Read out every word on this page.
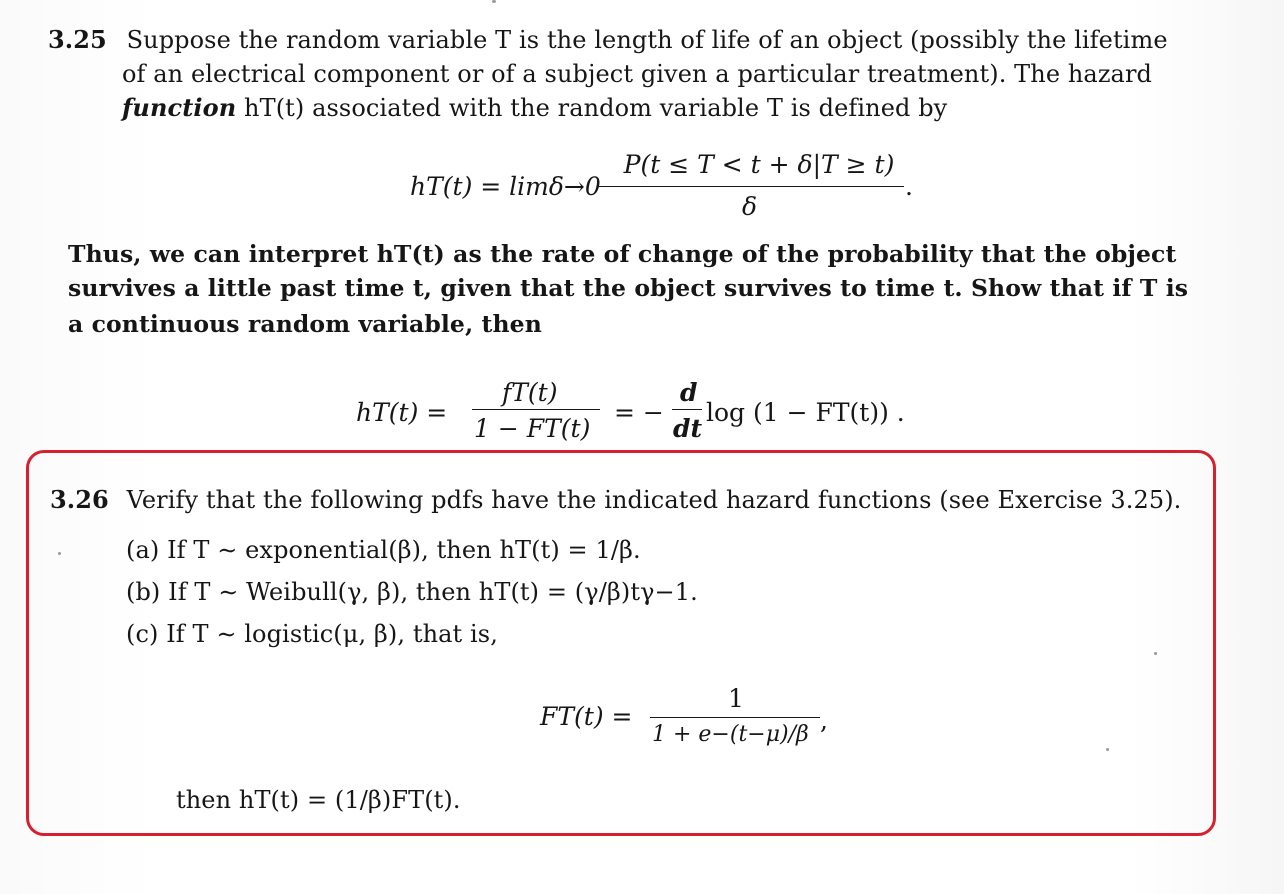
3.25 Suppose the random variable T is the length of life of an object (possibly the lifetime
of an electrical component or of a subject given a particular treatment). The hazard
function hT(t) associated with the random variable T is defined by
hT(t) = limδ→0
P(t ≤ T < t + δ|T ≥ t)
δ
.
Thus, we can interpret hT(t) as the rate of change of the probability that the object
survives a little past time t, given that the object survives to time t. Show that if T is
a continuous random variable, then
hT(t) =
fT(t)
1 − FT(t)
= −
d
dt
log (1 − FT(t)) .
3.26 Verify that the following pdfs have the indicated hazard functions (see Exercise 3.25).
(a) If T ∼ exponential(β), then hT(t) = 1/β.
(b) If T ∼ Weibull(γ, β), then hT(t) = (γ/β)tγ−1.
(c) If T ∼ logistic(μ, β), that is,
FT(t) =
1
1 + e−(t−μ)/β ,
then hT(t) = (1/β)FT(t).
